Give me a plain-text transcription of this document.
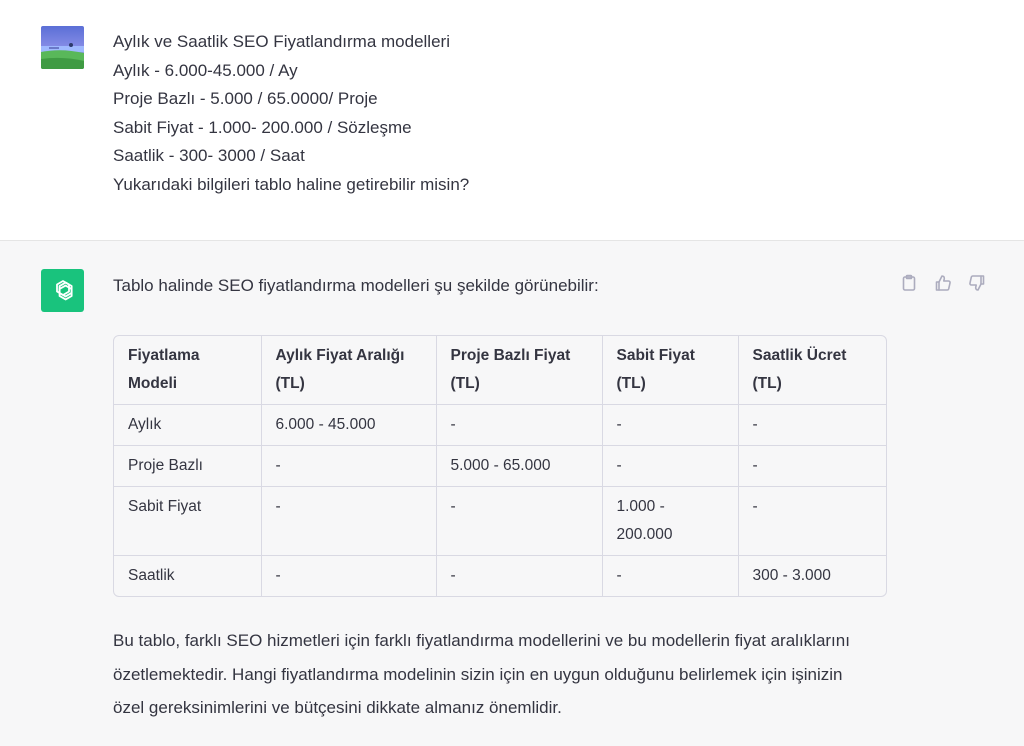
Aylık ve Saatlik SEO Fiyatlandırma modelleri
Aylık - 6.000-45.000 / Ay
Proje Bazlı - 5.000 / 65.0000/ Proje
Sabit Fiyat - 1.000- 200.000 / Sözleşme
Saatlik - 300- 3000 / Saat
Yukarıdaki bilgileri tablo haline getirebilir misin?
Tablo halinde SEO fiyatlandırma modelleri şu şekilde görünebilir:
Fiyatlama Modeli	Aylık Fiyat Aralığı (TL)	Proje Bazlı Fiyat (TL)	Sabit Fiyat (TL)	Saatlik Ücret (TL)
Aylık	6.000 - 45.000	-	-	-
Proje Bazlı	-	5.000 - 65.000	-	-
Sabit Fiyat	-	-	1.000 - 200.000	-
Saatlik	-	-	-	300 - 3.000
Bu tablo, farklı SEO hizmetleri için farklı fiyatlandırma modellerini ve bu modellerin fiyat aralıklarını özetlemektedir. Hangi fiyatlandırma modelinin sizin için en uygun olduğunu belirlemek için işinizin özel gereksinimlerini ve bütçesini dikkate almanız önemlidir.
